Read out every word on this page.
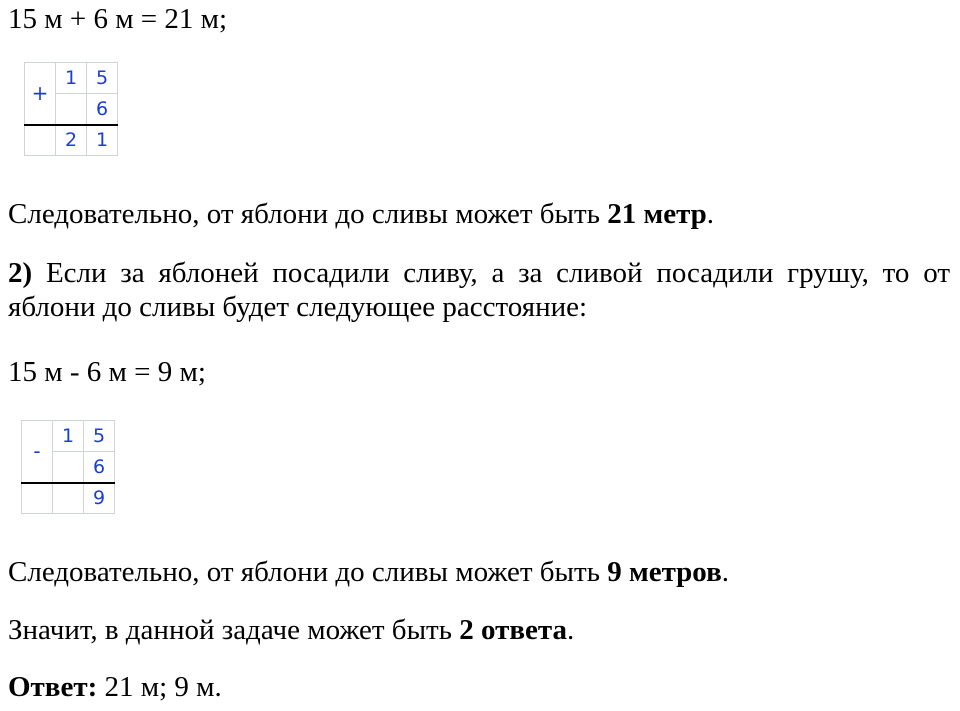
15 м + 6 м = 21 м;

+	1	5
		6
	2	1

Следовательно, от яблони до сливы может быть 21 метр.

2) Если за яблоней посадили сливу, а за сливой посадили грушу, то от яблони до сливы будет следующее расстояние:

15 м - 6 м = 9 м;

-	1	5
		6
		9

Следовательно, от яблони до сливы может быть 9 метров.

Значит, в данной задаче может быть 2 ответа.

Ответ: 21 м; 9 м.
